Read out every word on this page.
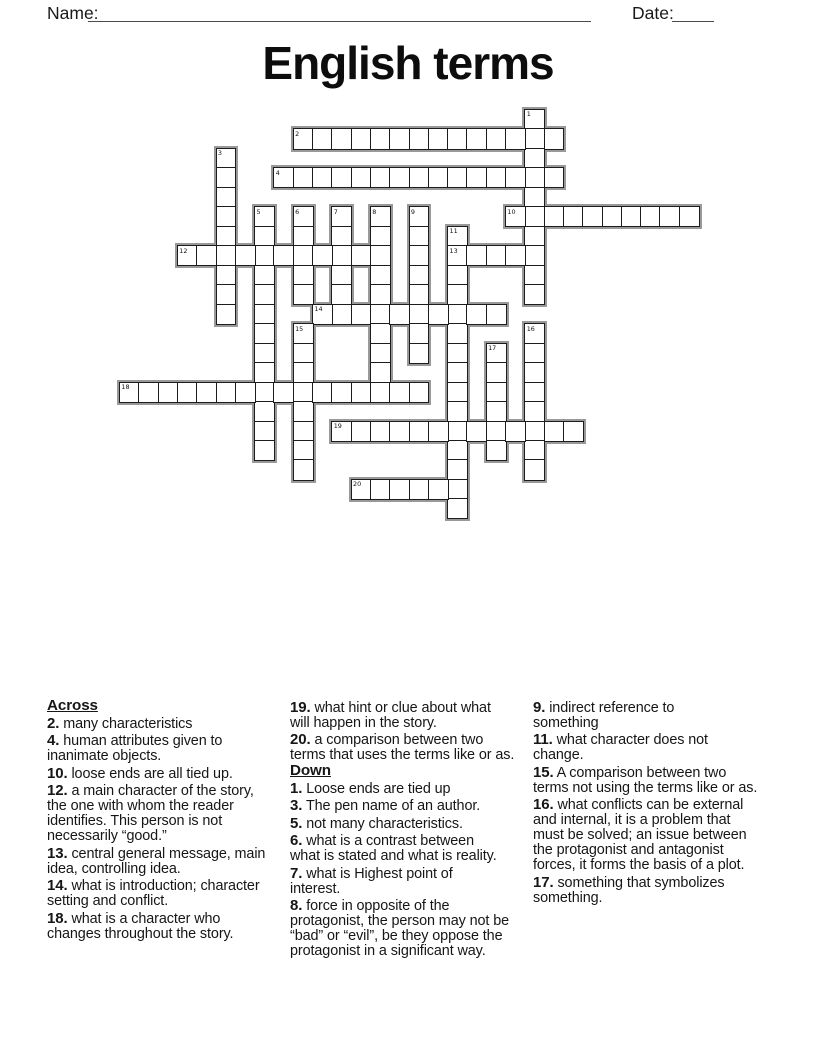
Name:	Date:
English terms
1
2
3
4
5	6	7	8	9	10
11
12	13
14
15	16
17
18
19
20
Across
2. many characteristics
4. human attributes given to
inanimate objects.
10. loose ends are all tied up.
12. a main character of the story,
the one with whom the reader
identifies. This person is not
necessarily “good.”
13. central general message, main
idea, controlling idea.
14. what is introduction; character
setting and conflict.
18. what is a character who
changes throughout the story.
19. what hint or clue about what
will happen in the story.
20. a comparison between two
terms that uses the terms like or as.
Down
1. Loose ends are tied up
3. The pen name of an author.
5. not many characteristics.
6. what is a contrast between
what is stated and what is reality.
7. what is Highest point of
interest.
8. force in opposite of the
protagonist, the person may not be
“bad” or “evil”, be they oppose the
protagonist in a significant way.
9. indirect reference to
something
11. what character does not
change.
15. A comparison between two
terms not using the terms like or as.
16. what conflicts can be external
and internal, it is a problem that
must be solved; an issue between
the protagonist and antagonist
forces, it forms the basis of a plot.
17. something that symbolizes
something.
